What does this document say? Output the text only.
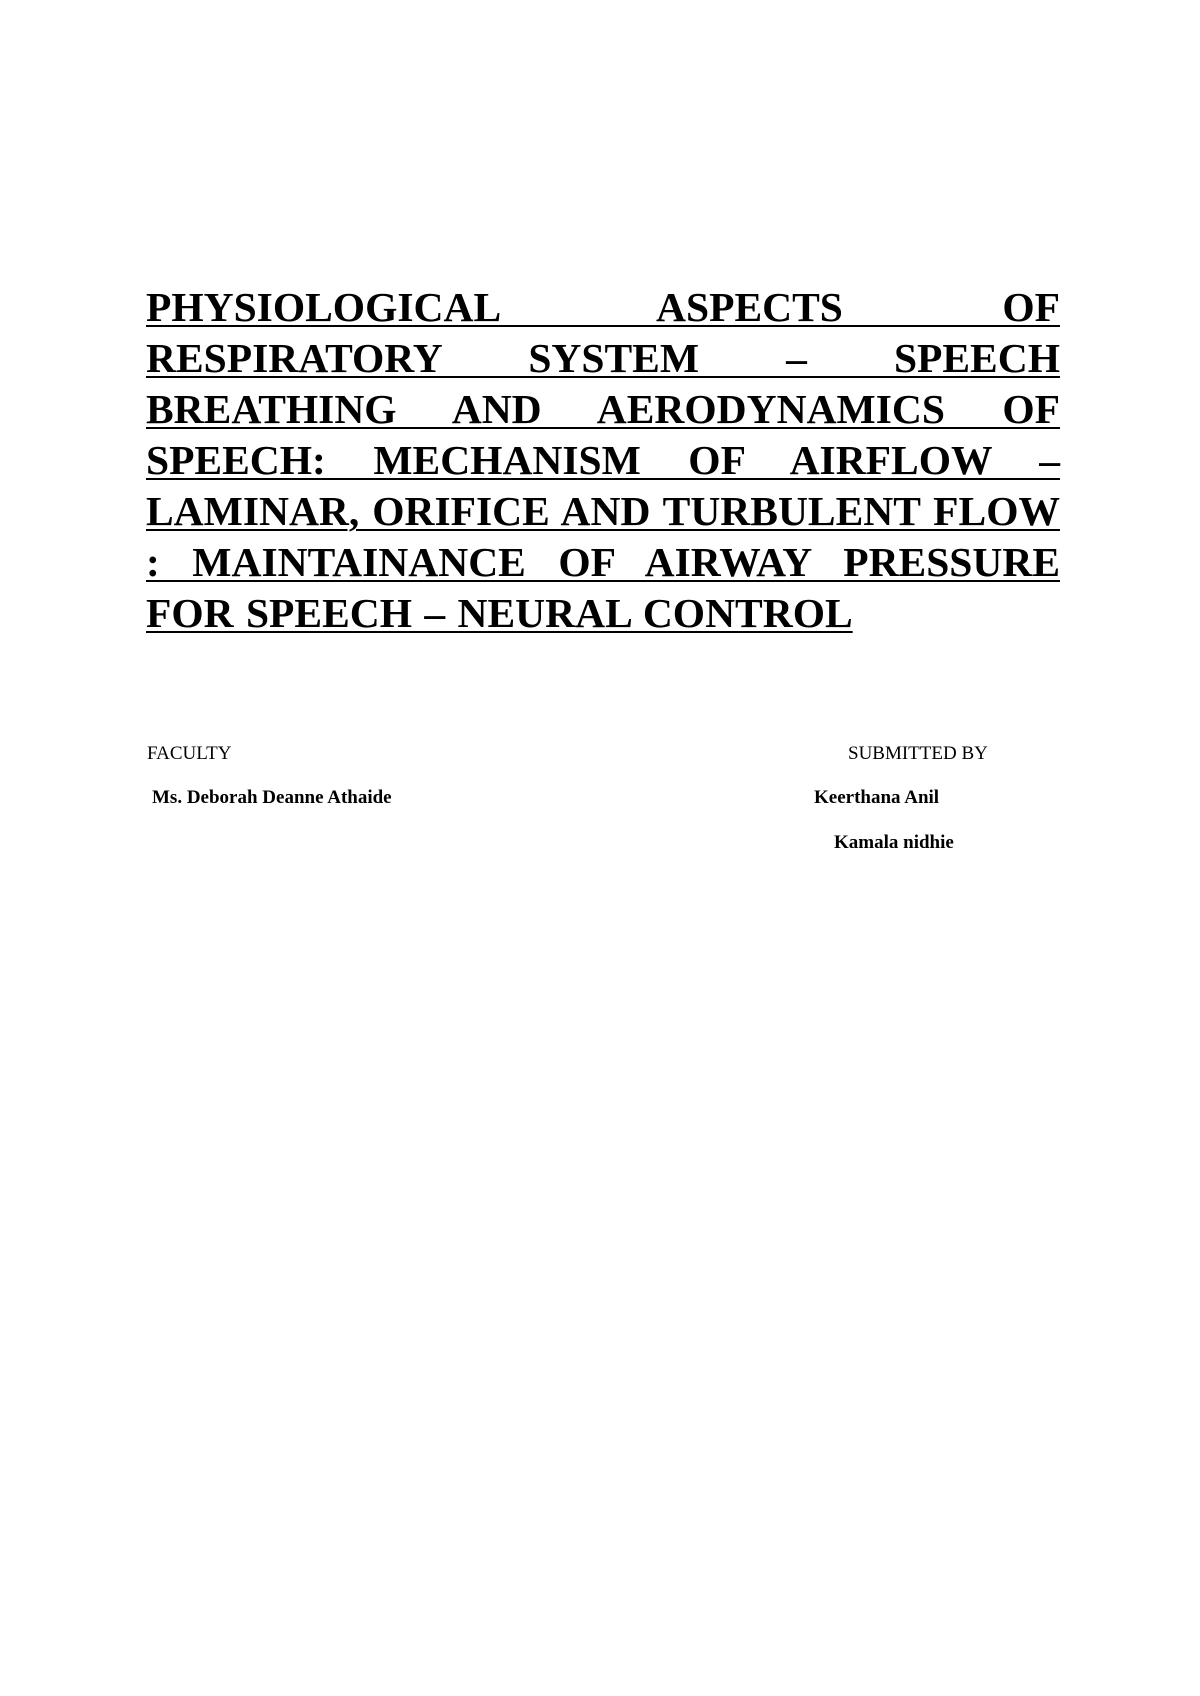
PHYSIOLOGICAL ASPECTS OF RESPIRATORY SYSTEM – SPEECH BREATHING AND AERODYNAMICS OF SPEECH: MECHANISM OF AIRFLOW – LAMINAR, ORIFICE AND TURBULENT FLOW : MAINTAINANCE OF AIRWAY PRESSURE FOR SPEECH – NEURAL CONTROL
FACULTY	SUBMITTED BY
Ms. Deborah Deanne Athaide	Keerthana Anil
Kamala nidhie
